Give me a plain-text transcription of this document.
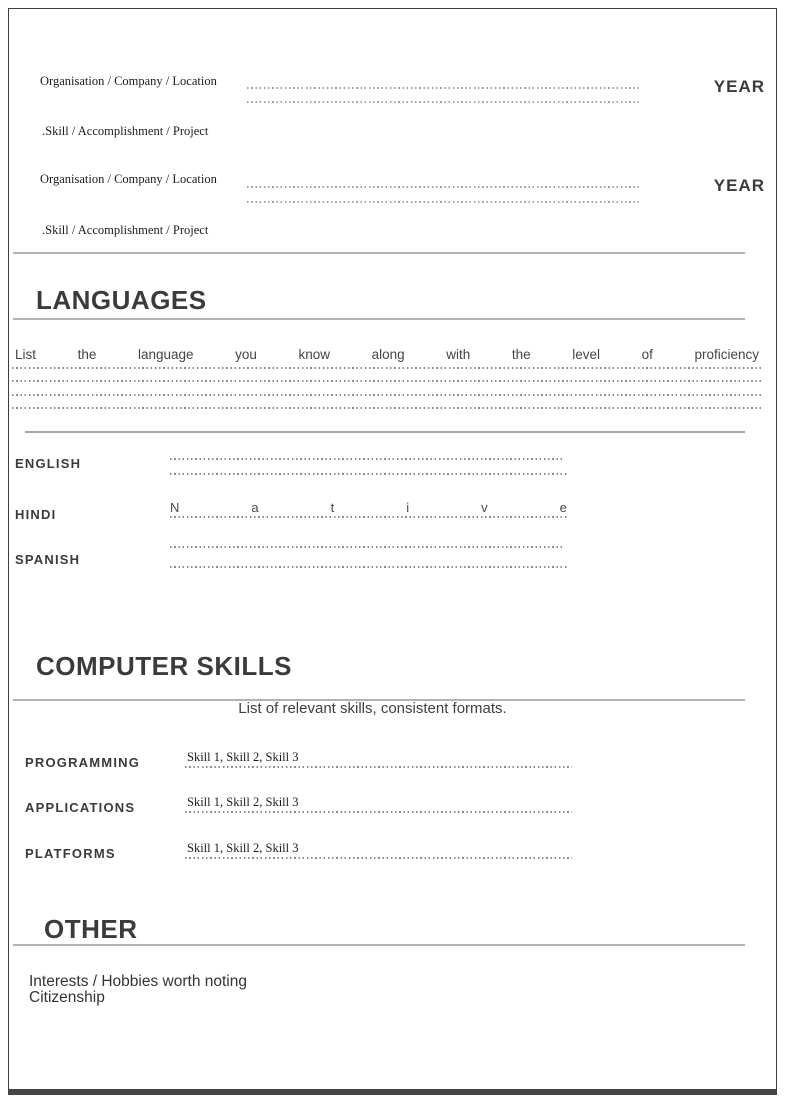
Organisation / Company / Location	YEAR
.Skill / Accomplishment / Project
Organisation / Company / Location	YEAR
.Skill / Accomplishment / Project
LANGUAGES
List	the	language	you	know	along	with	the	level	of	proficiency
ENGLISH
HINDI	Native
SPANISH
COMPUTER SKILLS
List of relevant skills, consistent formats.
PROGRAMMING	Skill 1, Skill 2, Skill 3
APPLICATIONS	Skill 1, Skill 2, Skill 3
PLATFORMS	Skill 1, Skill 2, Skill 3
OTHER
Interests / Hobbies worth noting
Citizenship
